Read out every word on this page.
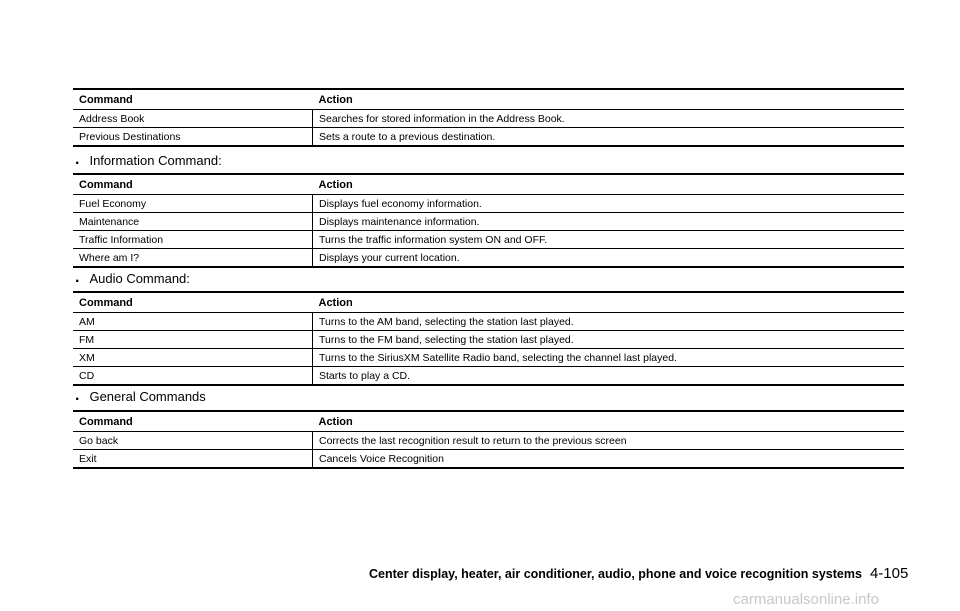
Command	Action
Address Book	Searches for stored information in the Address Book.
Previous Destinations	Sets a route to a previous destination.
. Information Command:
Command	Action
Fuel Economy	Displays fuel economy information.
Maintenance	Displays maintenance information.
Traffic Information	Turns the traffic information system ON and OFF.
Where am I?	Displays your current location.
. Audio Command:
Command	Action
AM	Turns to the AM band, selecting the station last played.
FM	Turns to the FM band, selecting the station last played.
XM	Turns to the SiriusXM Satellite Radio band, selecting the channel last played.
CD	Starts to play a CD.
. General Commands
Command	Action
Go back	Corrects the last recognition result to return to the previous screen
Exit	Cancels Voice Recognition
Center display, heater, air conditioner, audio, phone and voice recognition systems 4-105
carmanualsonline.info
